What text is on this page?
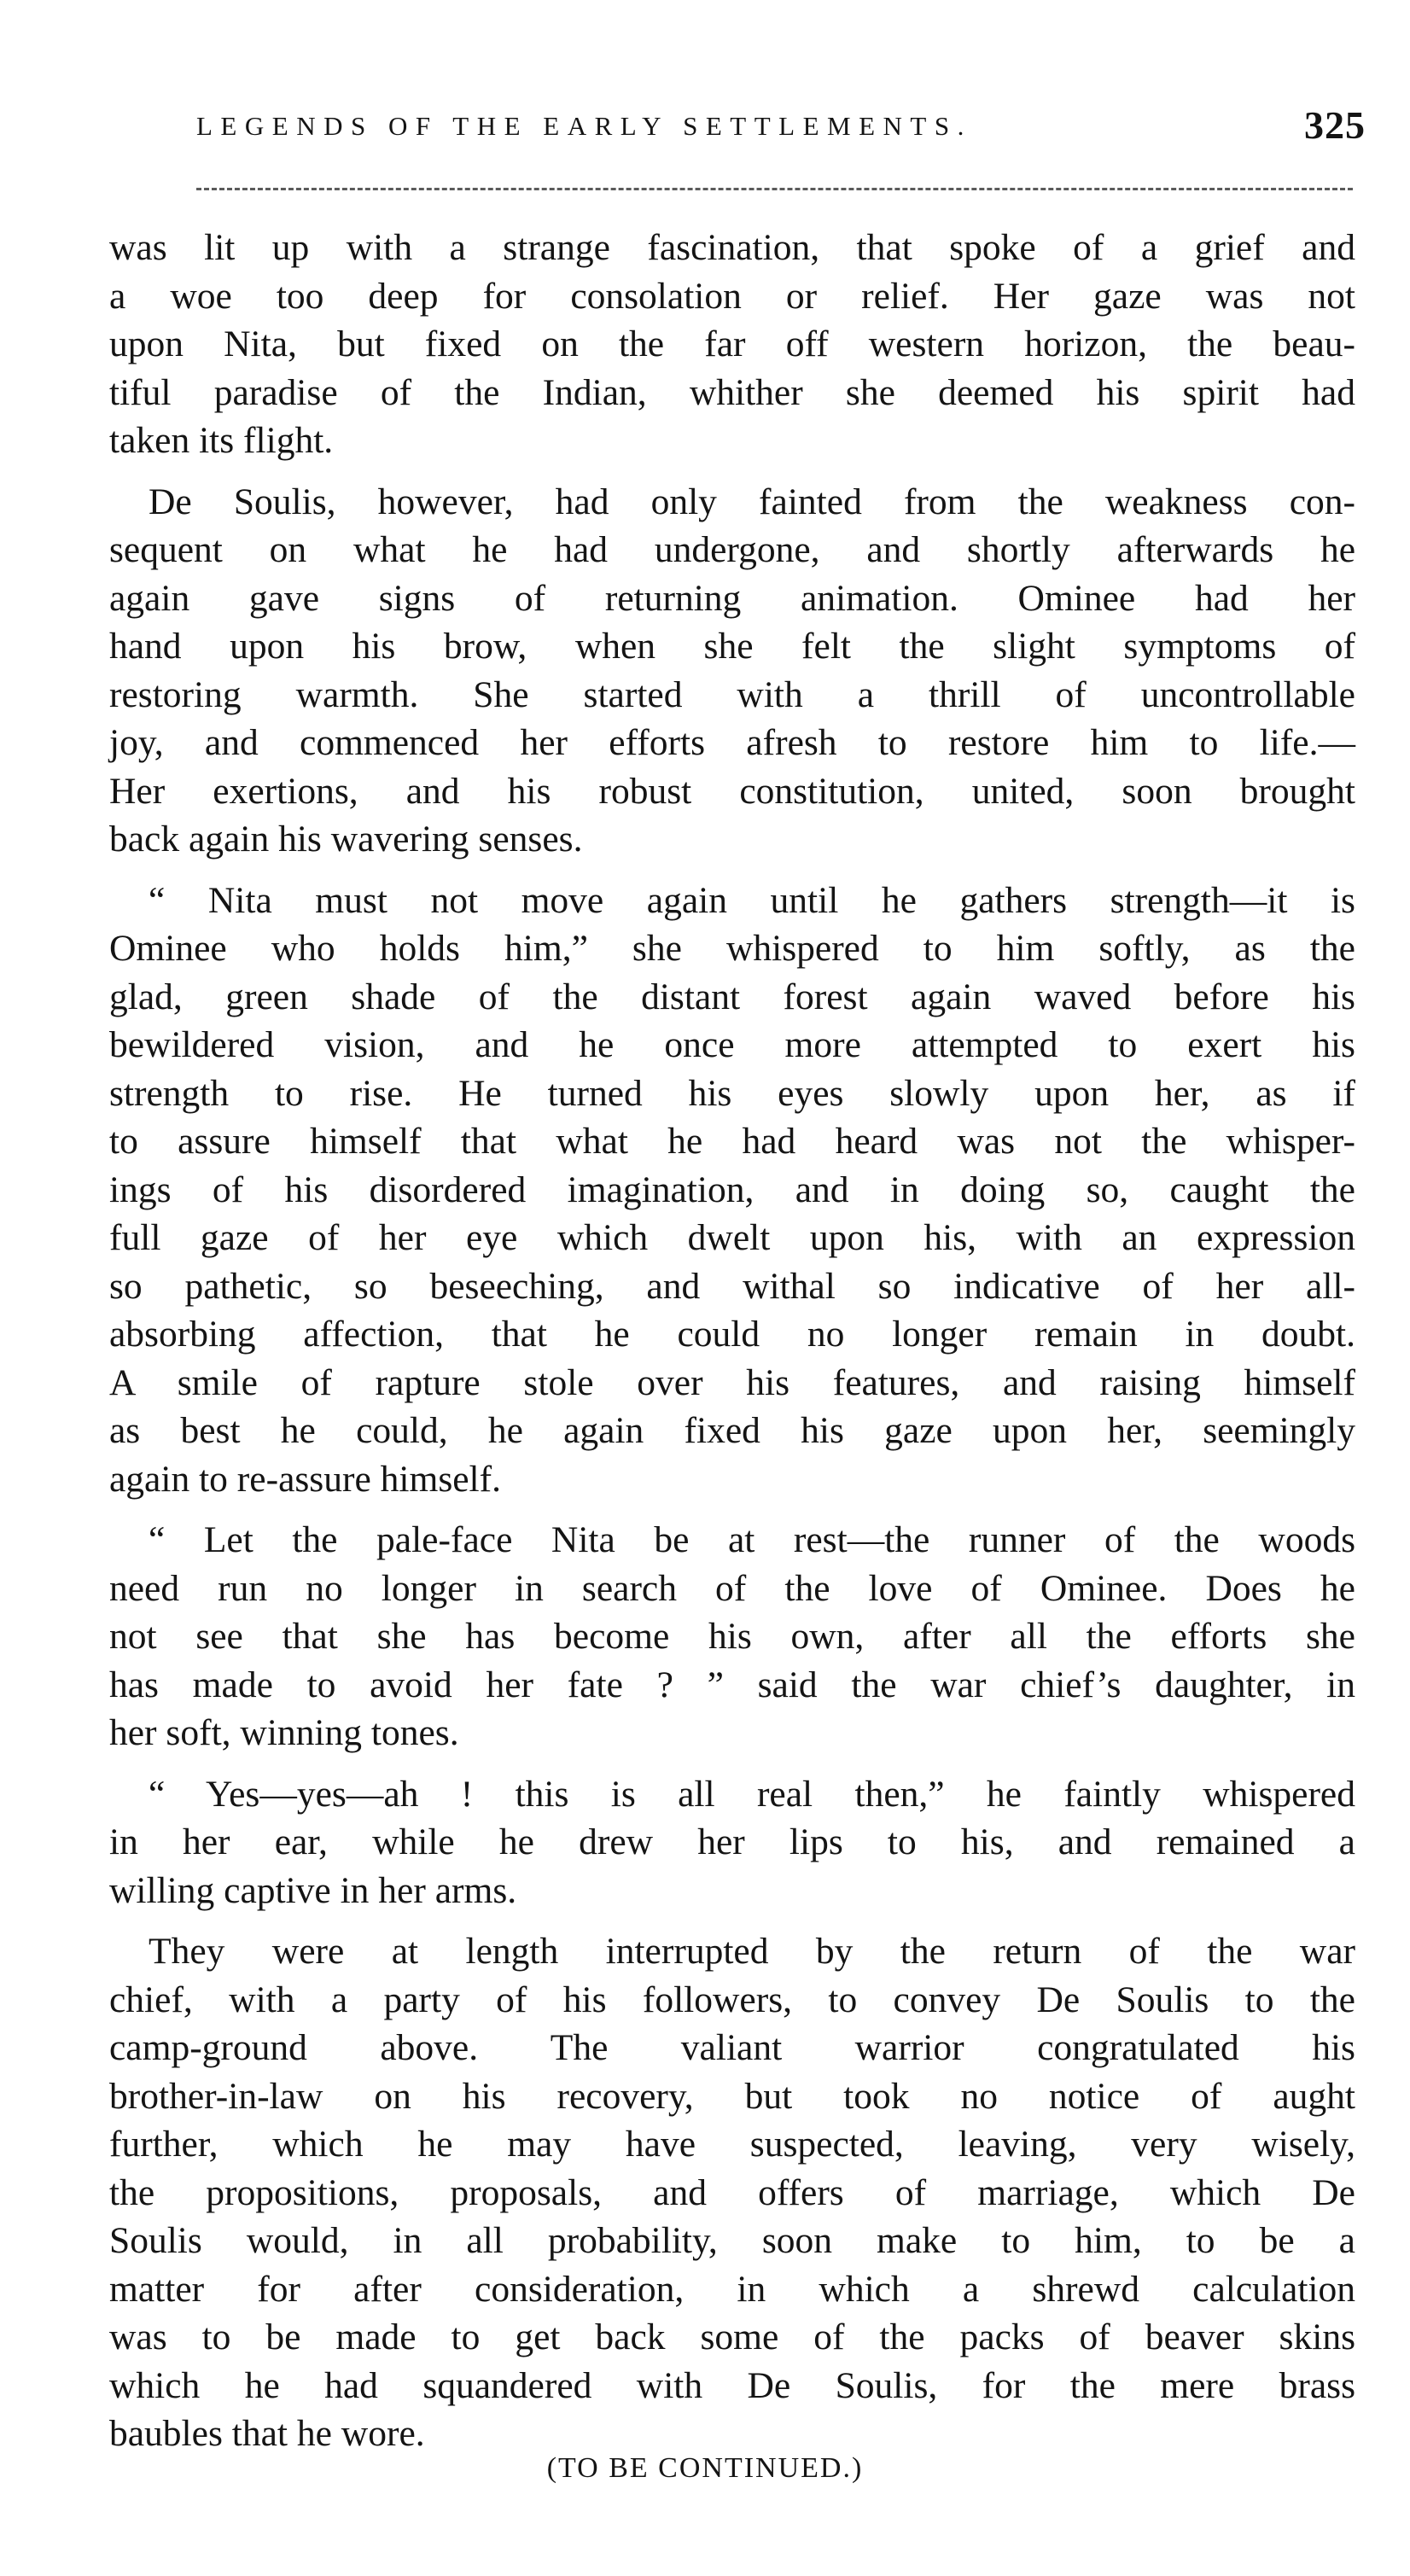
LEGENDS OF THE EARLY SETTLEMENTS.	325
was lit up with a strange fascination, that spoke of a grief and
a woe too deep for consolation or relief. Her gaze was not
upon Nita, but fixed on the far off western horizon, the beau-
tiful paradise of the Indian, whither she deemed his spirit had
taken its flight.
De Soulis, however, had only fainted from the weakness con-
sequent on what he had undergone, and shortly afterwards he
again gave signs of returning animation. Ominee had her
hand upon his brow, when she felt the slight symptoms of
restoring warmth. She started with a thrill of uncontrollable
joy, and commenced her efforts afresh to restore him to life.—
Her exertions, and his robust constitution, united, soon brought
back again his wavering senses.
“ Nita must not move again until he gathers strength—it is
Ominee who holds him,” she whispered to him softly, as the
glad, green shade of the distant forest again waved before his
bewildered vision, and he once more attempted to exert his
strength to rise. He turned his eyes slowly upon her, as if
to assure himself that what he had heard was not the whisper-
ings of his disordered imagination, and in doing so, caught the
full gaze of her eye which dwelt upon his, with an expression
so pathetic, so beseeching, and withal so indicative of her all-
absorbing affection, that he could no longer remain in doubt.
A smile of rapture stole over his features, and raising himself
as best he could, he again fixed his gaze upon her, seemingly
again to re-assure himself.
“ Let the pale-face Nita be at rest—the runner of the woods
need run no longer in search of the love of Ominee. Does he
not see that she has become his own, after all the efforts she
has made to avoid her fate ? ” said the war chief’s daughter, in
her soft, winning tones.
“ Yes—yes—ah ! this is all real then,” he faintly whispered
in her ear, while he drew her lips to his, and remained a
willing captive in her arms.
They were at length interrupted by the return of the war
chief, with a party of his followers, to convey De Soulis to the
camp-ground above. The valiant warrior congratulated his
brother-in-law on his recovery, but took no notice of aught
further, which he may have suspected, leaving, very wisely,
the propositions, proposals, and offers of marriage, which De
Soulis would, in all probability, soon make to him, to be a
matter for after consideration, in which a shrewd calculation
was to be made to get back some of the packs of beaver skins
which he had squandered with De Soulis, for the mere brass
baubles that he wore.
(TO BE CONTINUED.)
